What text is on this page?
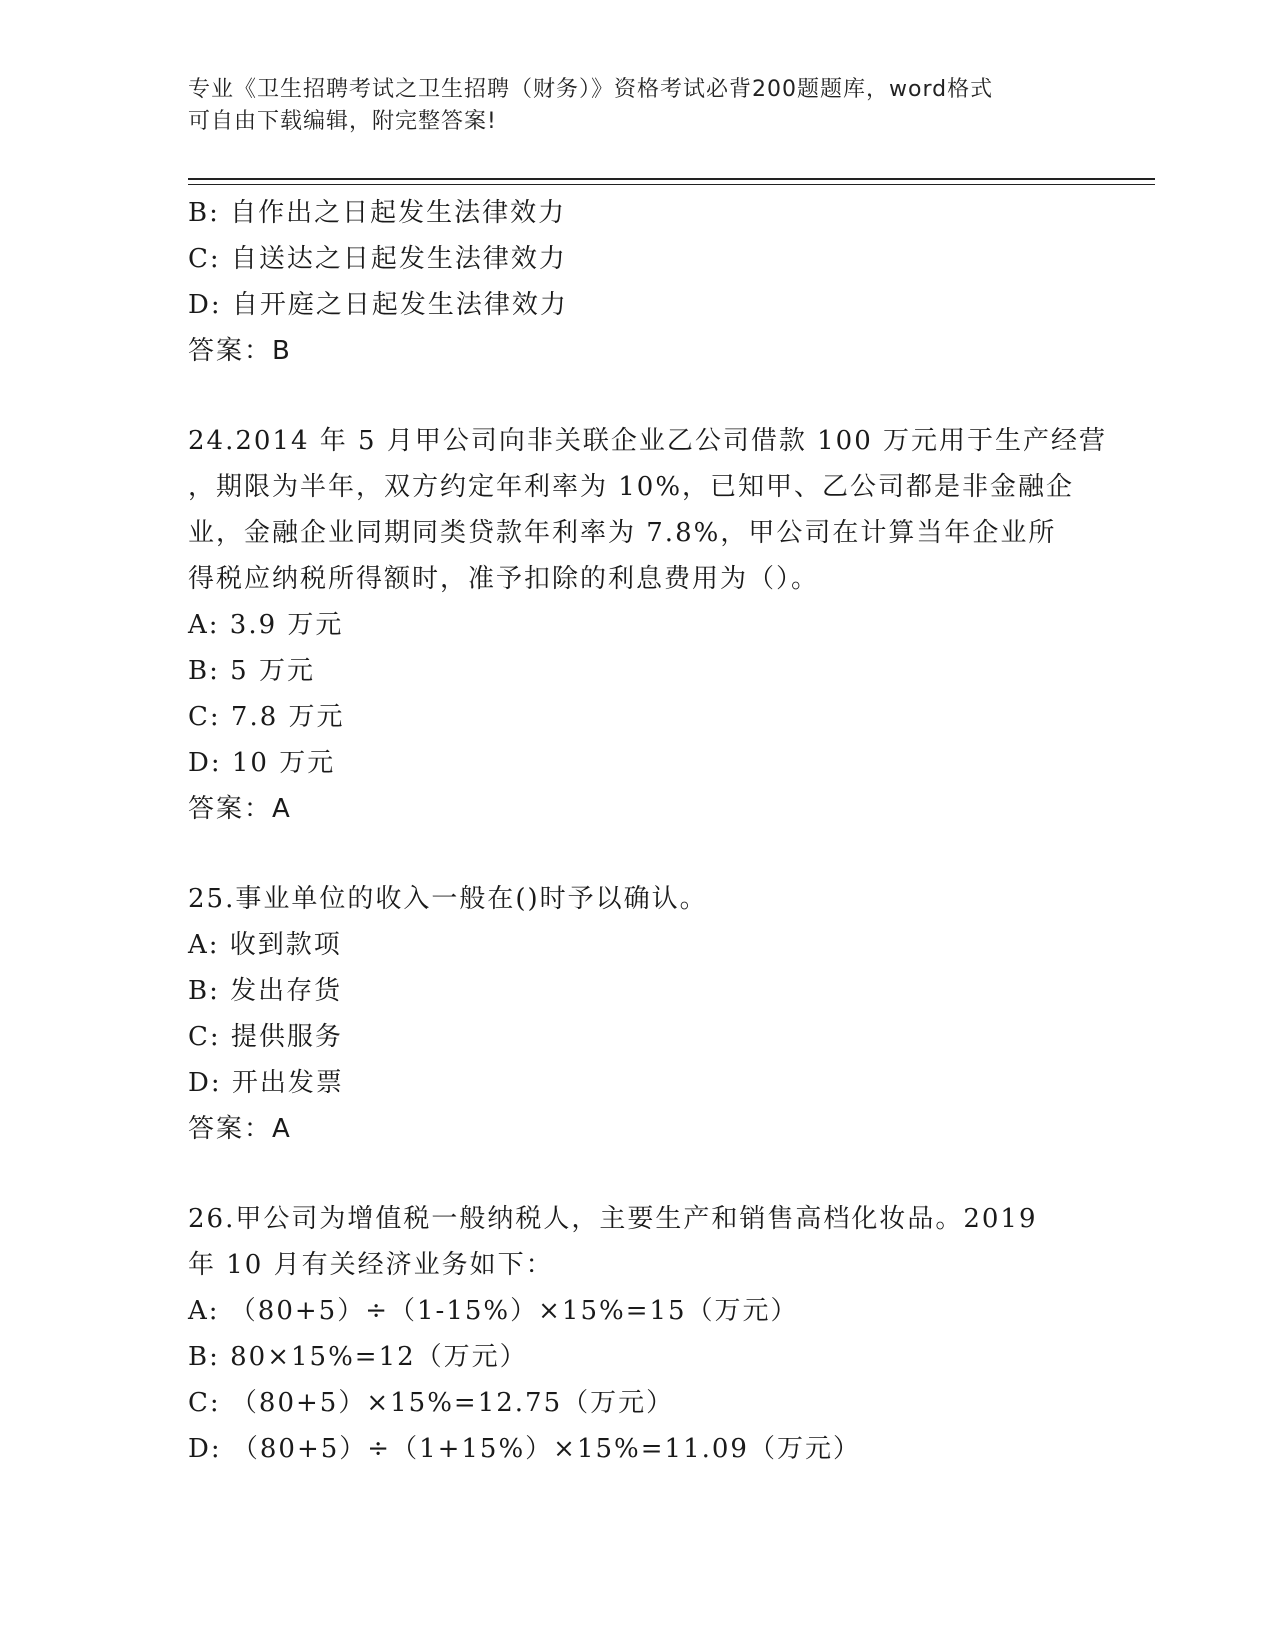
专业《卫生招聘考试之卫生招聘（财务）》资格考试必背200题题库，word格式
可自由下载编辑，附完整答案!
B: 自作出之日起发生法律效力
C: 自送达之日起发生法律效力
D: 自开庭之日起发生法律效力
答案：B
24.2014 年 5 月甲公司向非关联企业乙公司借款 100 万元用于生产经营
，期限为半年，双方约定年利率为 10%，已知甲、乙公司都是非金融企
业，金融企业同期同类贷款年利率为 7.8%，甲公司在计算当年企业所
得税应纳税所得额时，准予扣除的利息费用为（）。
A: 3.9 万元
B: 5 万元
C: 7.8 万元
D: 10 万元
答案：A
25.事业单位的收入一般在()时予以确认。
A: 收到款项
B: 发出存货
C: 提供服务
D: 开出发票
答案：A
26.甲公司为增值税一般纳税人，主要生产和销售高档化妆品。2019
年 10 月有关经济业务如下：
A: （80+5）÷（1-15%）×15%=15（万元）
B: 80×15%=12（万元）
C: （80+5）×15%=12.75（万元）
D: （80+5）÷（1+15%）×15%=11.09（万元）
